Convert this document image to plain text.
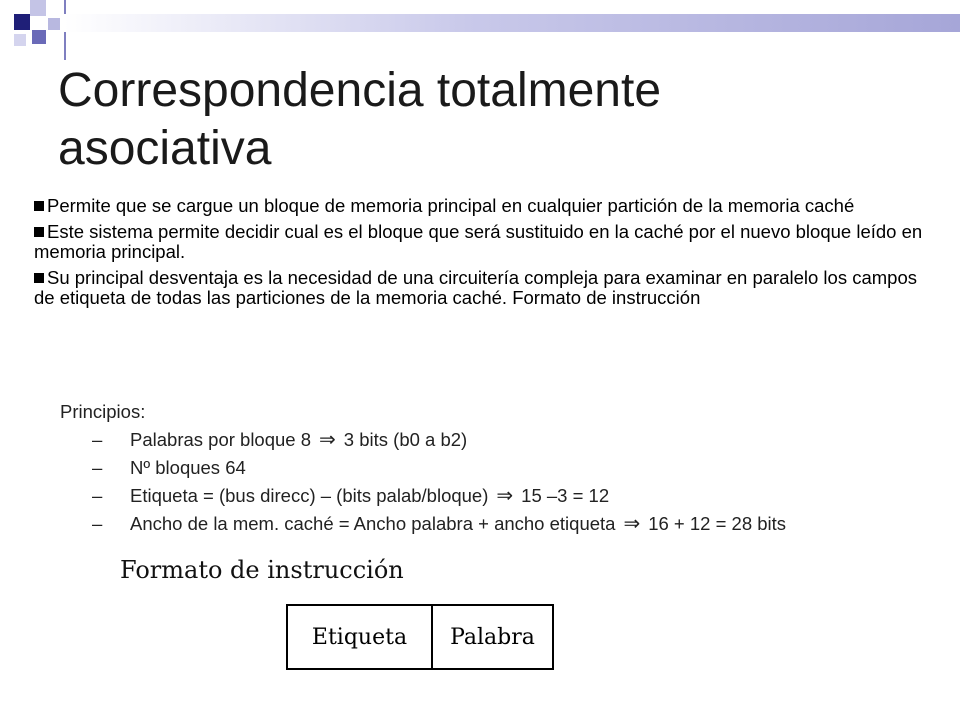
Correspondencia totalmente
asociativa

Permite que se cargue un bloque de memoria principal en cualquier partición de la memoria caché

Este sistema permite decidir cual es el bloque que será sustituido en la caché por el nuevo bloque leído en memoria principal.

Su principal desventaja es la necesidad de una circuitería compleja para examinar en paralelo los campos de etiqueta de todas las particiones de la memoria caché. Formato de instrucción

Principios:

– Palabras por bloque 8 ⇒ 3 bits (b0 a b2)
– Nº bloques 64
– Etiqueta = (bus direcc) – (bits palab/bloque) ⇒ 15 –3 = 12
– Ancho de la mem. caché = Ancho palabra + ancho etiqueta ⇒ 16 + 12 = 28 bits
Formato de instrucción
Etiqueta	Palabra
